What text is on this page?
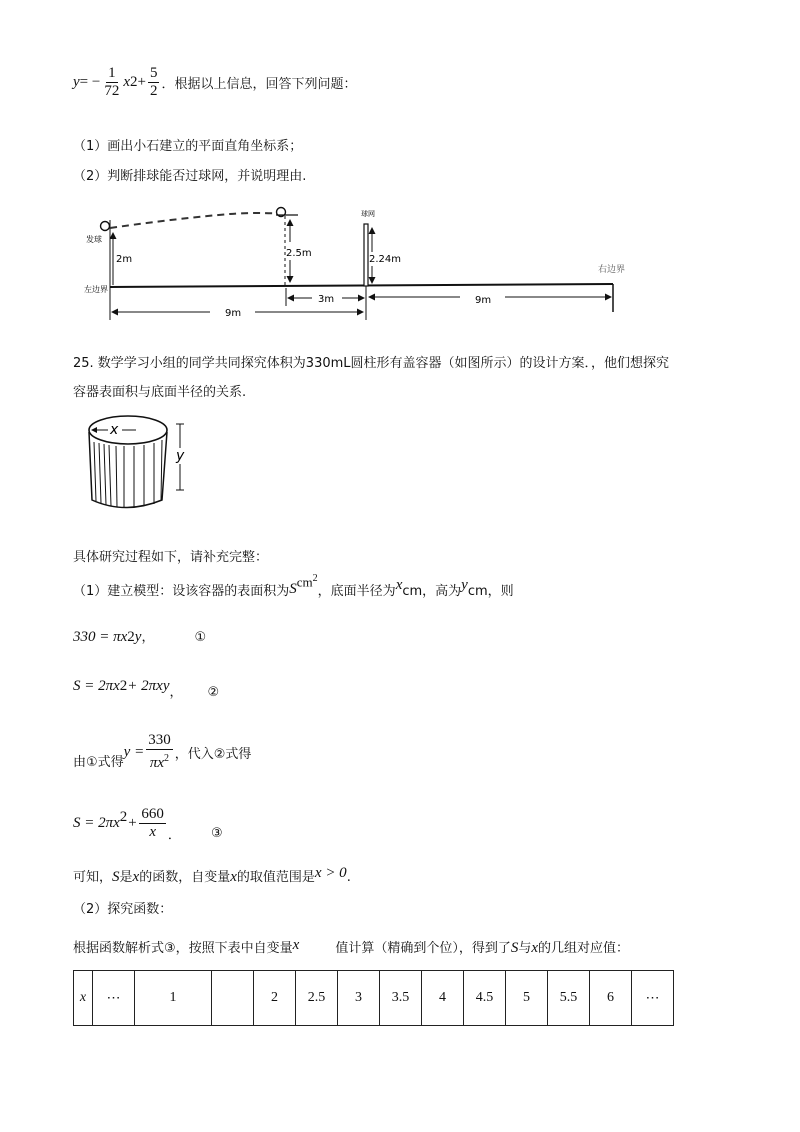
y = − $\frac{1}{72}$ x $2 + \frac{5}{2}$ ．根据以上信息，回答下列问题：
（1）画出小石建立的平面直角坐标系；
（2）判断排球能否过球网，并说明理由.
发球
左边界
球网
右边界
2m
2.5m
2.24m
9m
3m	9m
25. 数学学习小组的同学共同探究体积为330mL圆柱形有盖容器（如图所示）的设计方案．，他们想探究
容器表面积与底面半径的关系.
x
y
具体研究过程如下，请补充完整：
（1）建立模型：设该容器的表面积为 S $cm^2$
，底面半径为 x cm，高为 y cm，则
330 = πx 2 y ，	①
S = 2πx 2 + 2πxy ， ②
由①式得
$y = \frac{330}{\pi x^2}$ ，代入②式得
S = 2πx $2 + \frac{660}{x}$ ． ③
可知， S 是 x 的函数，自变量 x 的取值范围是 x > 0 .
（2）探究函数：
根据函数解析式③，按照下表中自变量 x	值计算（精确到个位），得到了 S 与 x 的几组对应值：
x	⋯	1		2	2.5	3	3.5	4	4.5	5	5.5	6	⋯
